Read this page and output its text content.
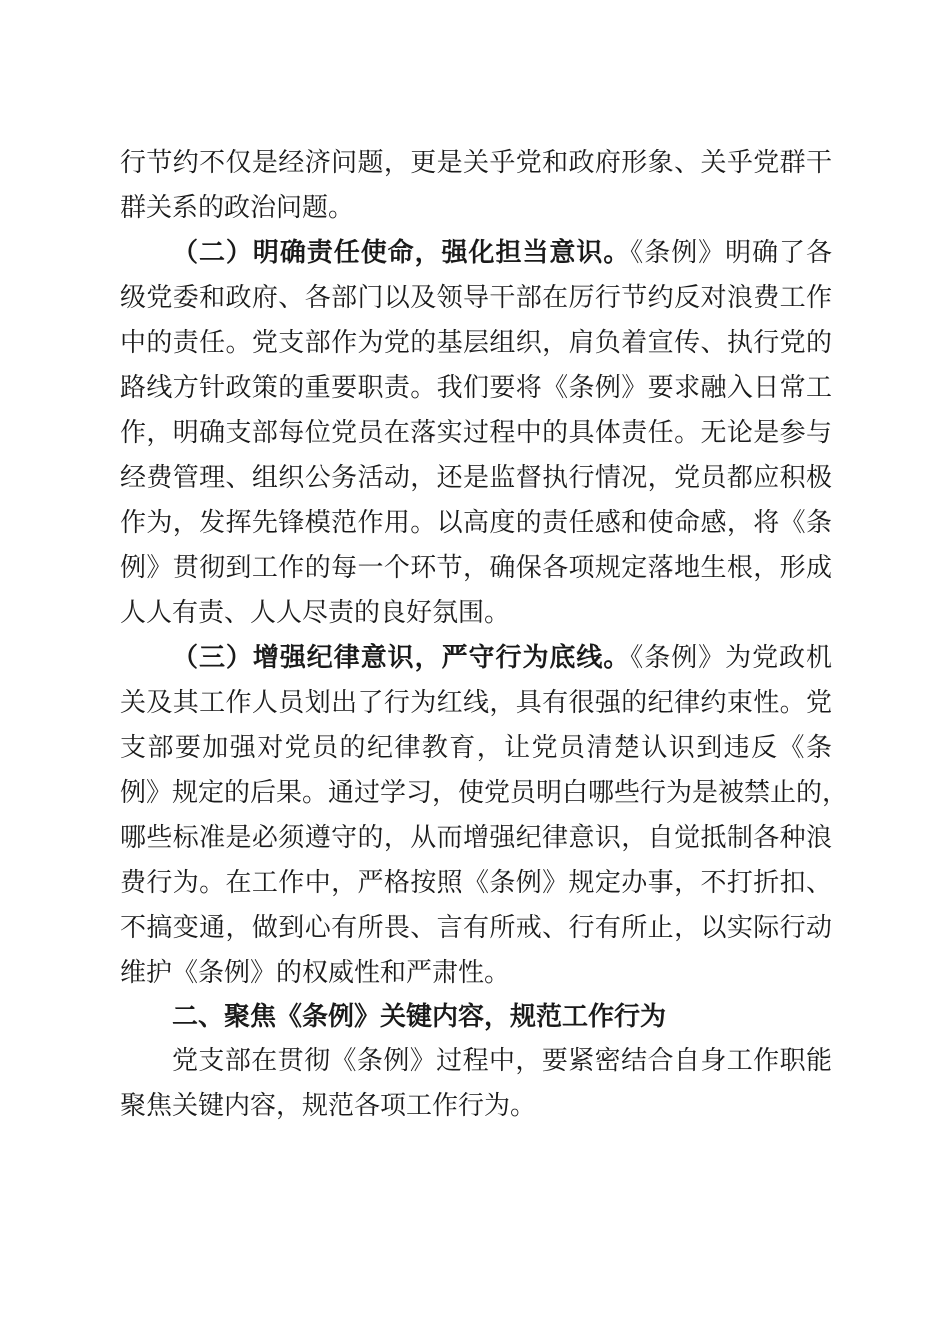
行节约不仅是经济问题，更是关乎党和政府形象、关乎党群干
群关系的政治问题。
（二）明确责任使命，强化担当意识。《条例》明确了各
级党委和政府、各部门以及领导干部在厉行节约反对浪费工作
中的责任。党支部作为党的基层组织，肩负着宣传、执行党的
路线方针政策的重要职责。我们要将《条例》要求融入日常工
作，明确支部每位党员在落实过程中的具体责任。无论是参与
经费管理、组织公务活动，还是监督执行情况，党员都应积极
作为，发挥先锋模范作用。以高度的责任感和使命感，将《条
例》贯彻到工作的每一个环节，确保各项规定落地生根，形成
人人有责、人人尽责的良好氛围。
（三）增强纪律意识，严守行为底线。《条例》为党政机
关及其工作人员划出了行为红线，具有很强的纪律约束性。党
支部要加强对党员的纪律教育，让党员清楚认识到违反《条
例》规定的后果。通过学习，使党员明白哪些行为是被禁止的，
哪些标准是必须遵守的，从而增强纪律意识，自觉抵制各种浪
费行为。在工作中，严格按照《条例》规定办事，不打折扣、
不搞变通，做到心有所畏、言有所戒、行有所止，以实际行动
维护《条例》的权威性和严肃性。
二、聚焦《条例》关键内容，规范工作行为
党支部在贯彻《条例》过程中，要紧密结合自身工作职能
聚焦关键内容，规范各项工作行为。
